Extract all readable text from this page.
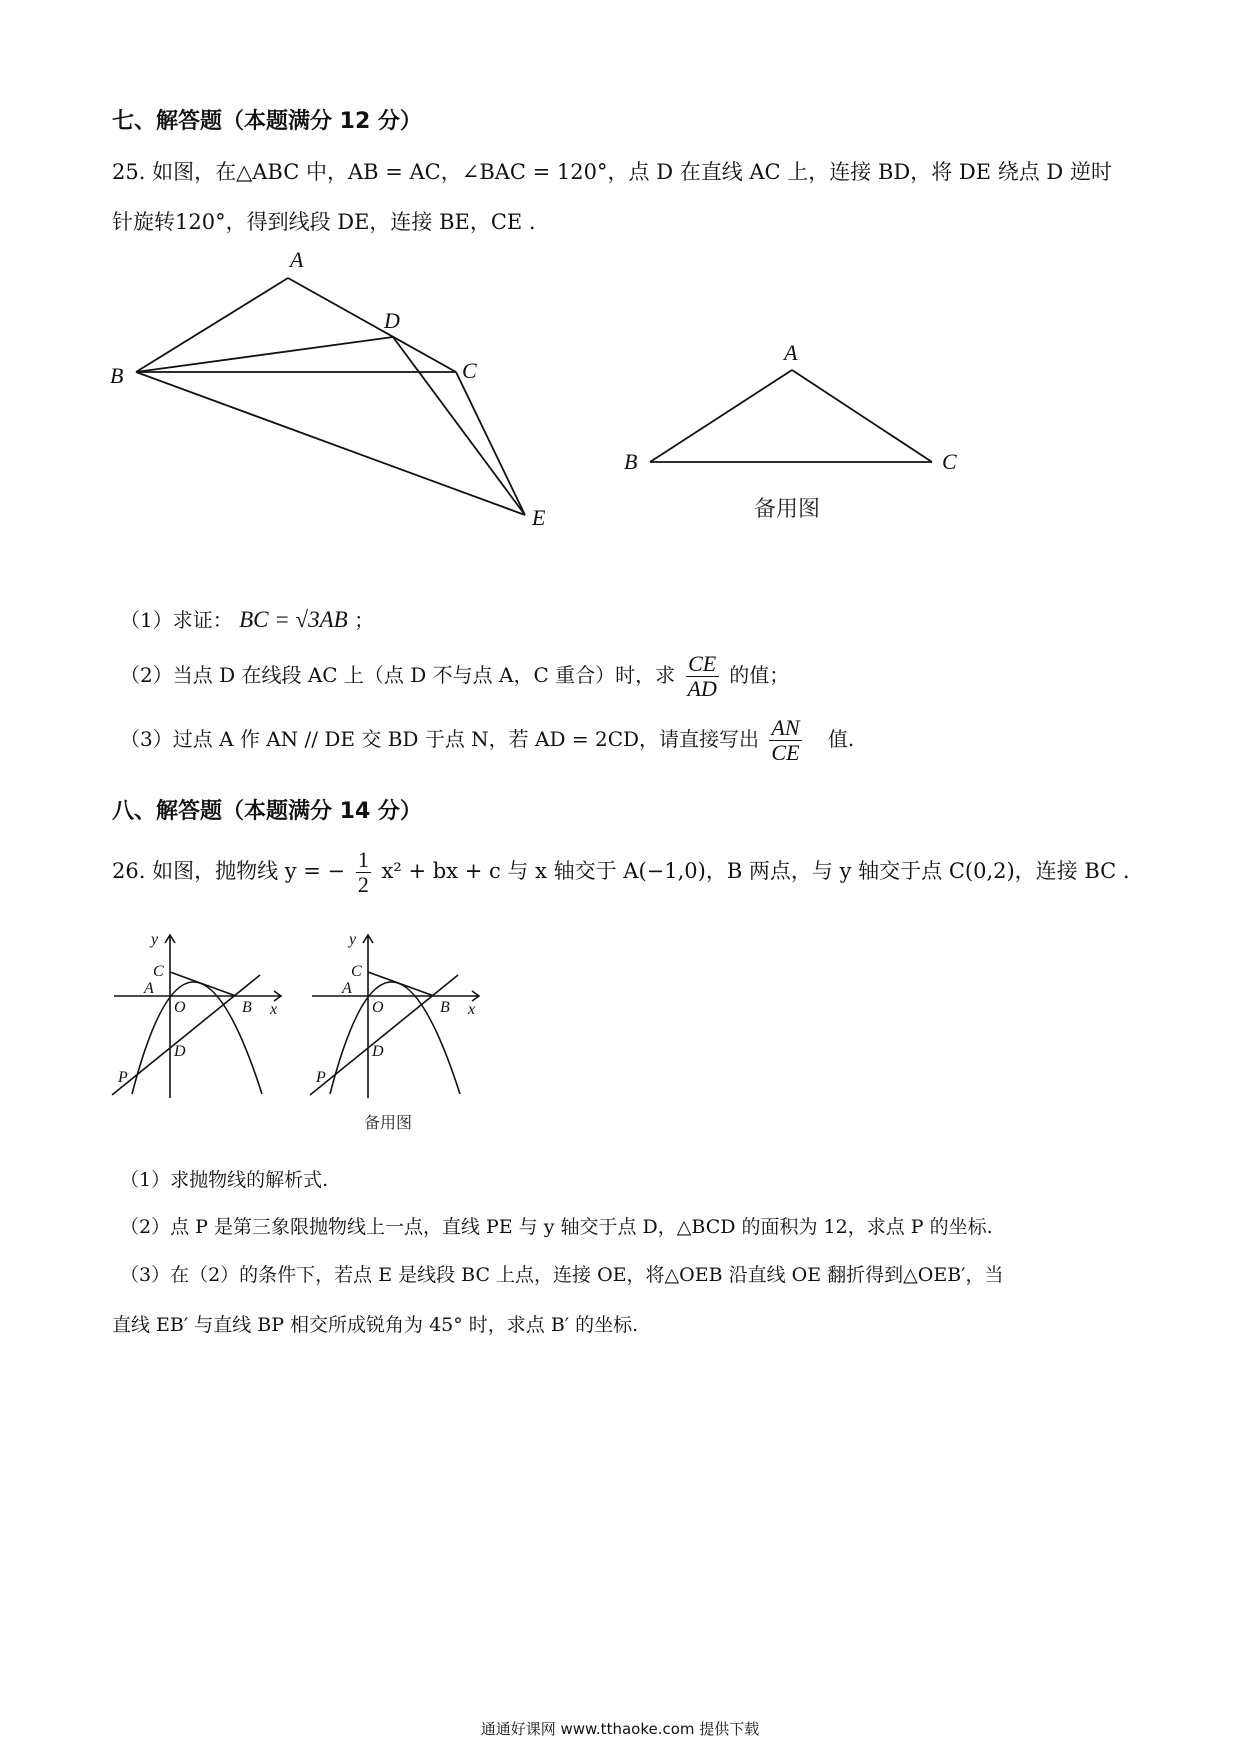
七、解答题（本题满分 12 分）
25. 如图，在△ABC 中，AB = AC，∠BAC = 120°，点 D 在直线 AC 上，连接 BD，将 DE 绕点 D 逆时
针旋转120°，得到线段 DE，连接 BE，CE .
A
B	C
D
E
A
B	C
备用图
（1）求证： BC = √3AB ；
（2）当点 D 在线段 AC 上（点 D 不与点 A，C 重合）时，求 $\frac{CE}{AD}$ 的值；
（3）过点 A 作 AN // DE 交 BD 于点 N，若 AD = 2CD，请直接写出 $\frac{AN}{CE}$ 值.
八、解答题（本题满分 14 分）
26. 如图，抛物线 y = − $\frac{1}{2} x^2$ + bx + c 与 x 轴交于 A(−1,0)，B 两点，与 y 轴交于点 C(0,2)，连接 BC .
y
x
C
A
O	B
D
P
y
x
C
A
O	B
D
P
备用图
（1）求抛物线的解析式.
（2）点 P 是第三象限抛物线上一点，直线 PE 与 y 轴交于点 D，△BCD 的面积为 12，求点 P 的坐标.
（3）在（2）的条件下，若点 E 是线段 BC 上点，连接 OE，将△OEB 沿直线 OE 翻折得到△OEB′，当
直线 EB′ 与直线 BP 相交所成锐角为 45° 时，求点 B′ 的坐标.
通通好课网 www.tthaoke.com 提供下载
